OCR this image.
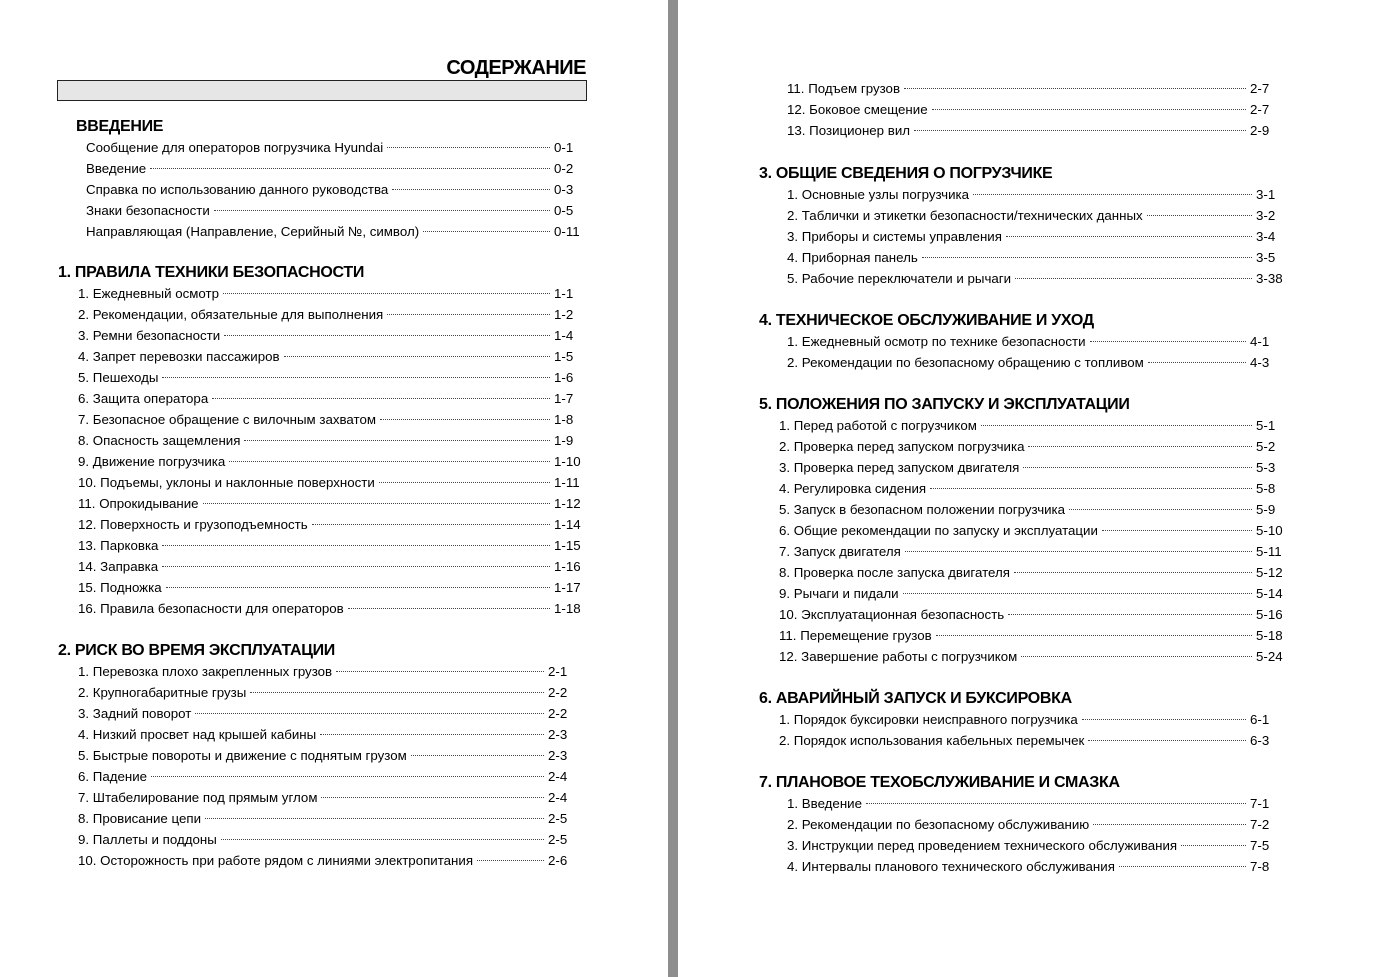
СОДЕРЖАНИЕ
ВВЕДЕНИЕ
Сообщение для операторов погрузчика Hyundai	0-1
Введение	0-2
Справка по использованию данного руководства	0-3
Знаки безопасности	0-5
Направляющая (Направление, Серийный №, символ)	0-11
1. ПРАВИЛА ТЕХНИКИ БЕЗОПАСНОСТИ
1. Ежедневный осмотр	1-1
2. Рекомендации, обязательные для выполнения	1-2
3. Ремни безопасности	1-4
4. Запрет перевозки пассажиров	1-5
5. Пешеходы	1-6
6. Защита оператора	1-7
7. Безопасное обращение с вилочным захватом	1-8
8. Опасность защемления	1-9
9. Движение погрузчика	1-10
10. Подъемы, уклоны и наклонные поверхности	1-11
11. Опрокидывание	1-12
12. Поверхность и грузоподъемность	1-14
13. Парковка	1-15
14. Заправка	1-16
15. Подножка	1-17
16. Правила безопасности для операторов	1-18
2. РИСК ВО ВРЕМЯ ЭКСПЛУАТАЦИИ
1. Перевозка плохо закрепленных грузов	2-1
2. Крупногабаритные грузы	2-2
3. Задний поворот	2-2
4. Низкий просвет над крышей кабины	2-3
5. Быстрые повороты и движение с поднятым грузом	2-3
6. Падение	2-4
7. Штабелирование под прямым углом	2-4
8. Провисание цепи	2-5
9. Паллеты и поддоны	2-5
10. Осторожность при работе рядом с линиями электропитания	2-6
11. Подъем грузов	2-7
12. Боковое смещение	2-7
13. Позиционер вил	2-9
3. ОБЩИЕ СВЕДЕНИЯ О ПОГРУЗЧИКЕ
1. Основные узлы погрузчика	3-1
2. Таблички и этикетки безопасности/технических данных	3-2
3. Приборы и системы управления	3-4
4. Приборная панель	3-5
5. Рабочие переключатели и рычаги	3-38
4. ТЕХНИЧЕСКОЕ ОБСЛУЖИВАНИЕ И УХОД
1. Ежедневный осмотр по технике безопасности	4-1
2. Рекомендации по безопасному обращению с топливом	4-3
5. ПОЛОЖЕНИЯ ПО ЗАПУСКУ И ЭКСПЛУАТАЦИИ
1. Перед работой с погрузчиком	5-1
2. Проверка перед запуском погрузчика	5-2
3. Проверка перед запуском двигателя	5-3
4. Регулировка сидения	5-8
5. Запуск в безопасном положении погрузчика	5-9
6. Общие рекомендации по запуску и эксплуатации	5-10
7. Запуск двигателя	5-11
8. Проверка после запуска двигателя	5-12
9. Рычаги и пидали	5-14
10. Эксплуатационная безопасность	5-16
11. Перемещение грузов	5-18
12. Завершение работы с погрузчиком	5-24
6. АВАРИЙНЫЙ ЗАПУСК И БУКСИРОВКА
1. Порядок буксировки неисправного погрузчика	6-1
2. Порядок использования кабельных перемычек	6-3
7. ПЛАНОВОЕ ТЕХОБСЛУЖИВАНИЕ И СМАЗКА
1. Введение	7-1
2. Рекомендации по безопасному обслуживанию	7-2
3. Инструкции перед проведением технического обслуживания	7-5
4. Интервалы планового технического обслуживания	7-8
